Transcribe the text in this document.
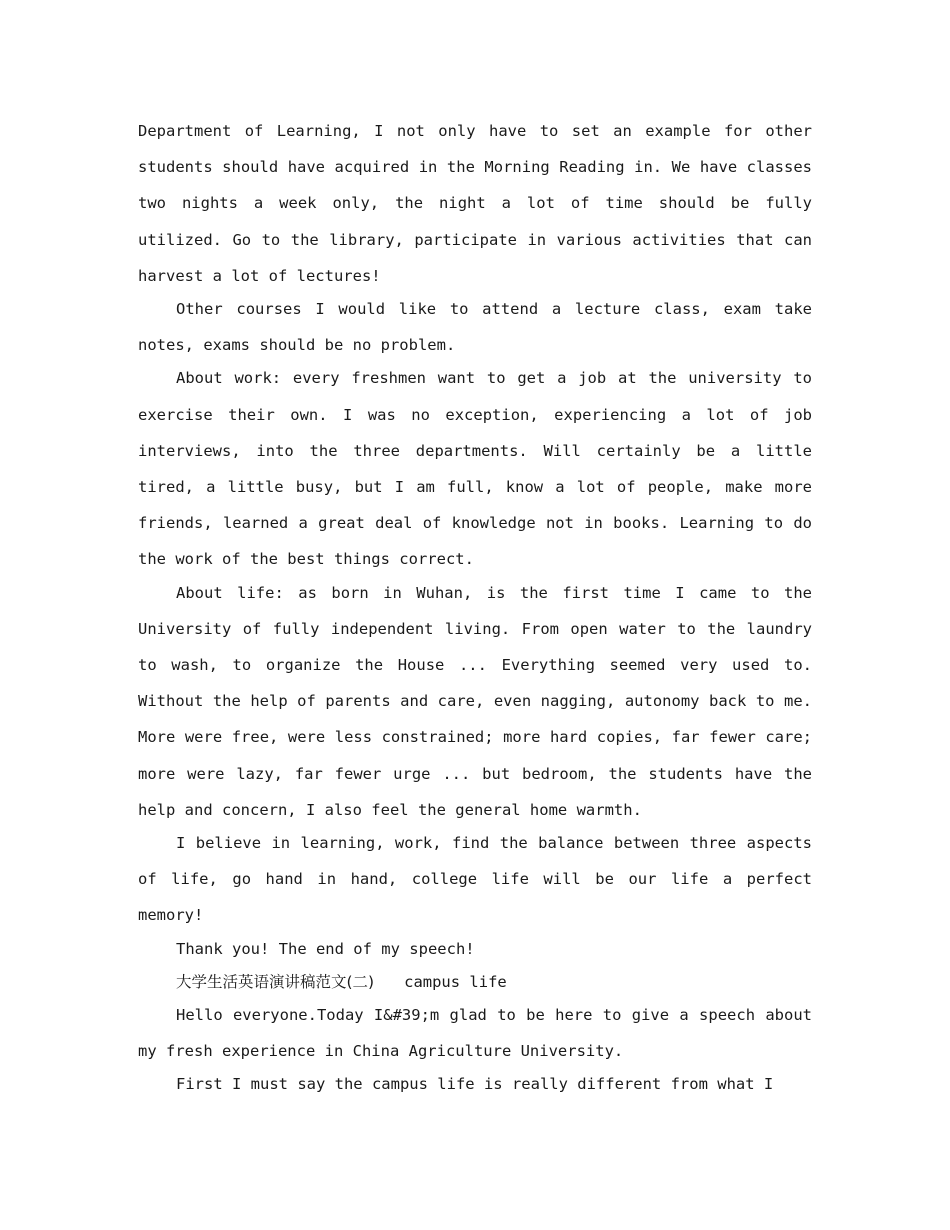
Department of Learning, I not only have to set an example for other students should have acquired in the Morning Reading in. We have classes two nights a week only, the night a lot of time should be fully utilized. Go to the library, participate in various activities that can harvest a lot of lectures!

Other courses I would like to attend a lecture class, exam take notes, exams should be no problem.

About work: every freshmen want to get a job at the university to exercise their own. I was no exception, experiencing a lot of job interviews, into the three departments. Will certainly be a little tired, a little busy, but I am full, know a lot of people, make more friends, learned a great deal of knowledge not in books. Learning to do the work of the best things correct.

About life: as born in Wuhan, is the first time I came to the University of fully independent living. From open water to the laundry to wash, to organize the House ... Everything seemed very used to. Without the help of parents and care, even nagging, autonomy back to me. More were free, were less constrained; more hard copies, far fewer care; more were lazy, far fewer urge ... but bedroom, the students have the help and concern, I also feel the general home warmth.

I believe in learning, work, find the balance between three aspects of life, go hand in hand, college life will be our life a perfect memory!

Thank you! The end of my speech!

大学生活英语演讲稿范文(二) campus life

Hello everyone.Today I&#39;m glad to be here to give a speech about my fresh experience in China Agriculture University.

First I must say the campus life is really different from what I
